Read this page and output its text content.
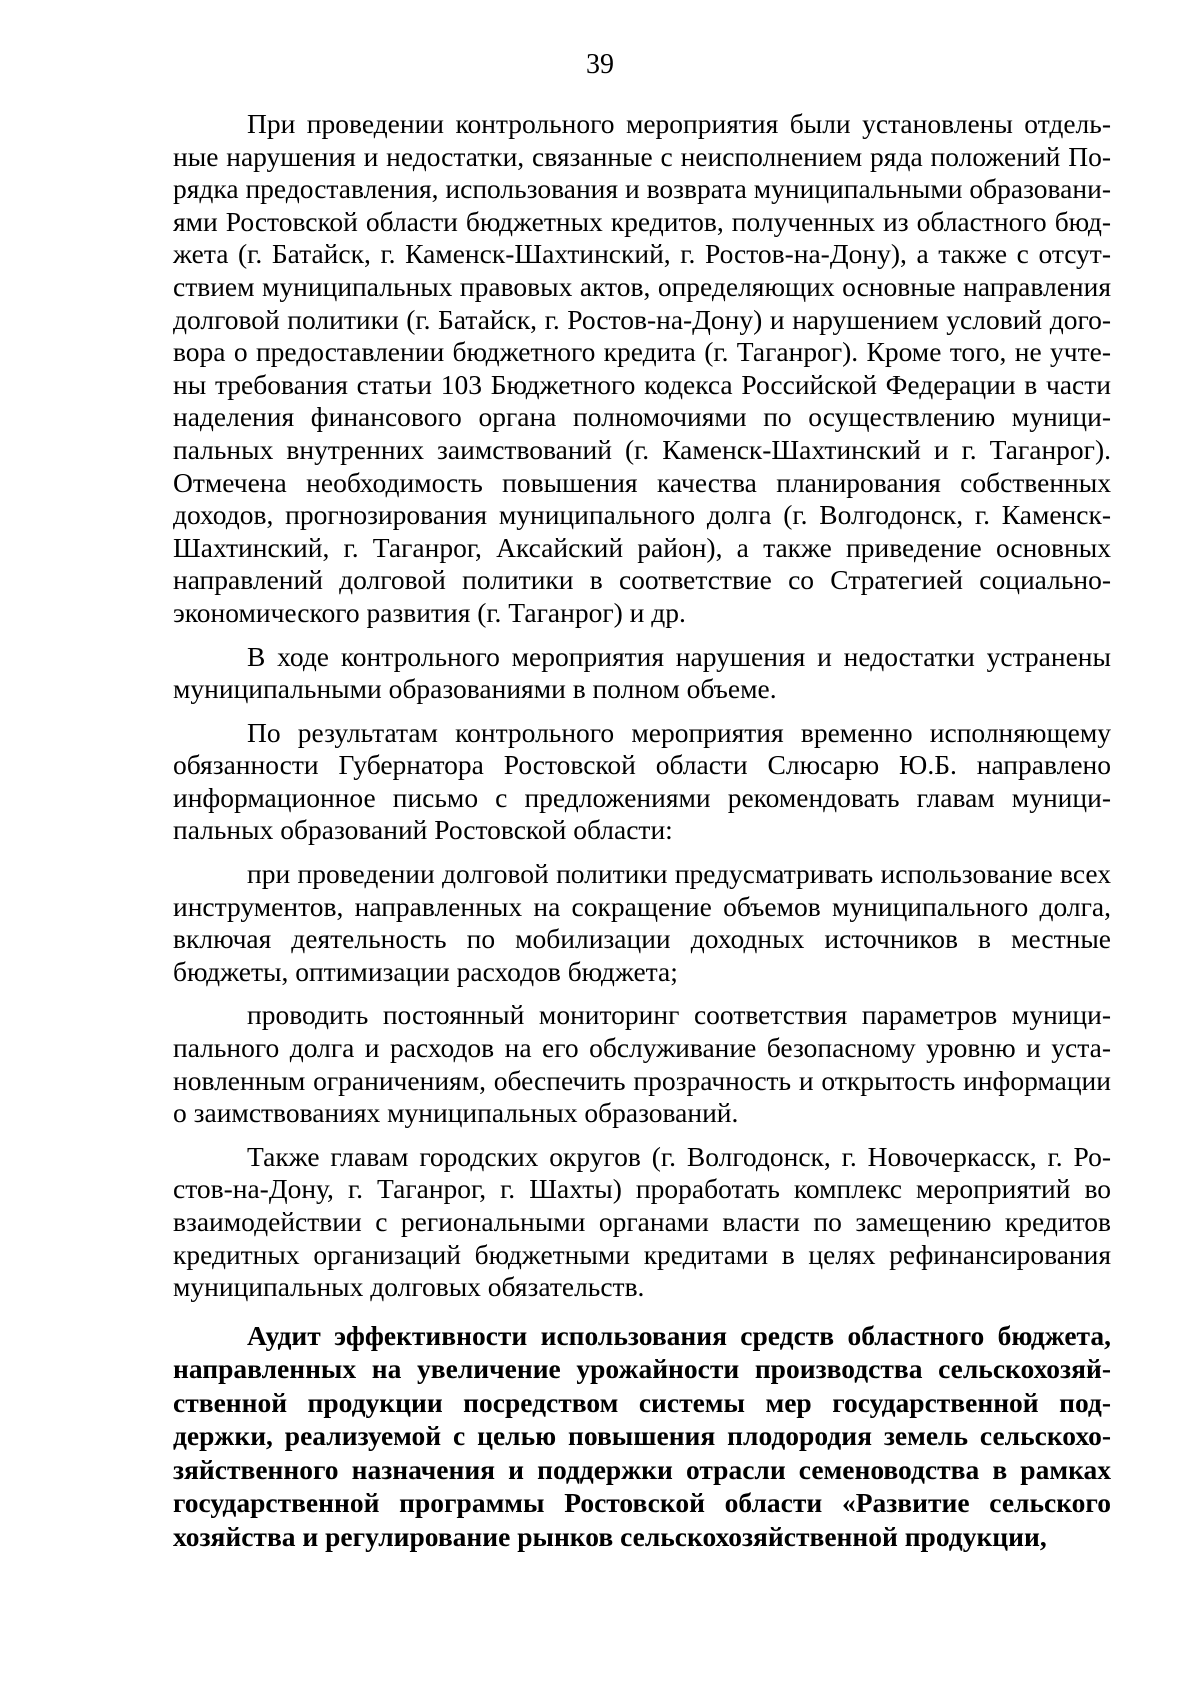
39

При проведении контрольного мероприятия были установлены отдельные нарушения и недостатки, связанные с неисполнением ряда положений Порядка предоставления, использования и возврата муниципальными образованиями Ростовской области бюджетных кредитов, полученных из областного бюджета (г. Батайск, г. Каменск-Шахтинский, г. Ростов-на-Дону), а также с отсутствием муниципальных правовых актов, определяющих основные направления долговой политики (г. Батайск, г. Ростов-на-Дону) и нарушением условий договора о предоставлении бюджетного кредита (г. Таганрог). Кроме того, не учтены требования статьи 103 Бюджетного кодекса Российской Федерации в части наделения финансового органа полномочиями по осуществлению муниципальных внутренних заимствований (г. Каменск-Шахтинский и г. Таганрог). Отмечена необходимость повышения качества планирования собственных доходов, прогнозирования муниципального долга (г. Волгодонск, г. Каменск-Шахтинский, г. Таганрог, Аксайский район), а также приведение основных направлений долговой политики в соответствие со Стратегией социально-экономического развития (г. Таганрог) и др.

В ходе контрольного мероприятия нарушения и недостатки устранены муниципальными образованиями в полном объеме.

По результатам контрольного мероприятия временно исполняющему обязанности Губернатора Ростовской области Слюсарю Ю.Б. направлено информационное письмо с предложениями рекомендовать главам муниципальных образований Ростовской области:

при проведении долговой политики предусматривать использование всех инструментов, направленных на сокращение объемов муниципального долга, включая деятельность по мобилизации доходных источников в местные бюджеты, оптимизации расходов бюджета;

проводить постоянный мониторинг соответствия параметров муниципального долга и расходов на его обслуживание безопасному уровню и установленным ограничениям, обеспечить прозрачность и открытость информации о заимствованиях муниципальных образований.

Также главам городских округов (г. Волгодонск, г. Новочеркасск, г. Ростов-на-Дону, г. Таганрог, г. Шахты) проработать комплекс мероприятий во взаимодействии с региональными органами власти по замещению кредитов кредитных организаций бюджетными кредитами в целях рефинансирования муниципальных долговых обязательств.

Аудит эффективности использования средств областного бюджета, направленных на увеличение урожайности производства сельскохозяйственной продукции посредством системы мер государственной поддержки, реализуемой с целью повышения плодородия земель сельскохозяйственного назначения и поддержки отрасли семеноводства в рамках государственной программы Ростовской области «Развитие сельского хозяйства и регулирование рынков сельскохозяйственной продукции,
